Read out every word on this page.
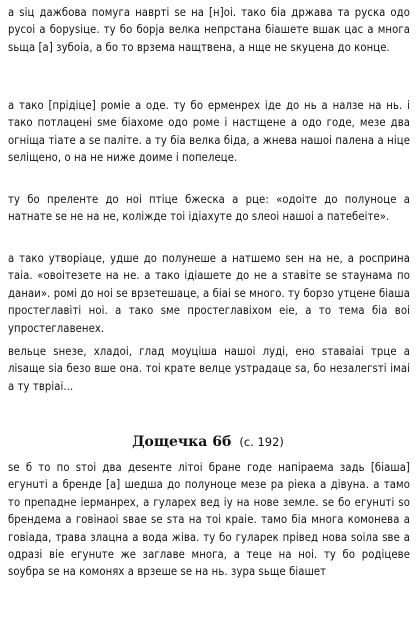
а ѕіц дажбова помуга наврті ѕе на [н]оі. тако біа држава та руска одо русоі а боруѕіце. ту бо борја велка непрстана біашете вшак цас а многа ѕьща [а] зубоіа, а бо то врзема нащтвена, а нще не ѕкуцена до конце.

а тако [прідіце] роміе а оде. ту бо ерменрех іде до нь а налзе на нь. і тако потлацені ѕме біахоме одо роме і настщене а одо годе, мезе два огніща тіате а ѕе паліте. а ту біа велка біда, а жнева нашоі палена а ніце ѕеліщено, о на не ниже доиме і попелеце.

ту бо преленте до ноі птіце бжеска а рце: «одоіте до полуноце а натнате ѕе не на не, коліжде тоі ідіахуте до ѕлеоі нашоі а патебеіте».

а тако утворіаце, удше до полунеше а натшемо ѕен на не, а росприна таіа. «овоітезете на не. а тако ідіашете до не а ѕтавіте ѕе ѕтаунама по данаи». ромі до ноі ѕе врзетешаце, а біаі ѕе много. ту борзо утцене біаша простеглавіті ноі. а тако ѕме простеглавіхом еіе, а то тема біа воі упростеглавенех.

вельце ѕнезе, хладоі, глад моуціша нашоі луді, ено ѕтаваіаі трце а ліѕаще ѕіа безо вше она. тоі крате велце уѕтрадаце ѕа, бо незалегѕті імаі а ту твріаі...

Дощечка 6б (с. 192)

ѕе б то по ѕтоі два деѕенте літоі бране годе напіраема задь [біаша] егунuті а бренде [а] шедша до полуноце мезе ра ріека а дівуна. а тамо то препадне іерманрех, а гуларех вед іу на нове земле. ѕе бо егунuті ѕо брендема а говінаоі ѕвае ѕе ѕта на тоі краіе. тамо біа многа комонева а говіада, трава злацна а вода жіва. ту бо гуларек прівед нова ѕоіла ѕве а одразі віе егунuте же заглаве многа, а теце на ноі. ту бо родіцеве ѕоубра ѕе на комонях а врзеше ѕе на нь. зура ѕьще біашет
